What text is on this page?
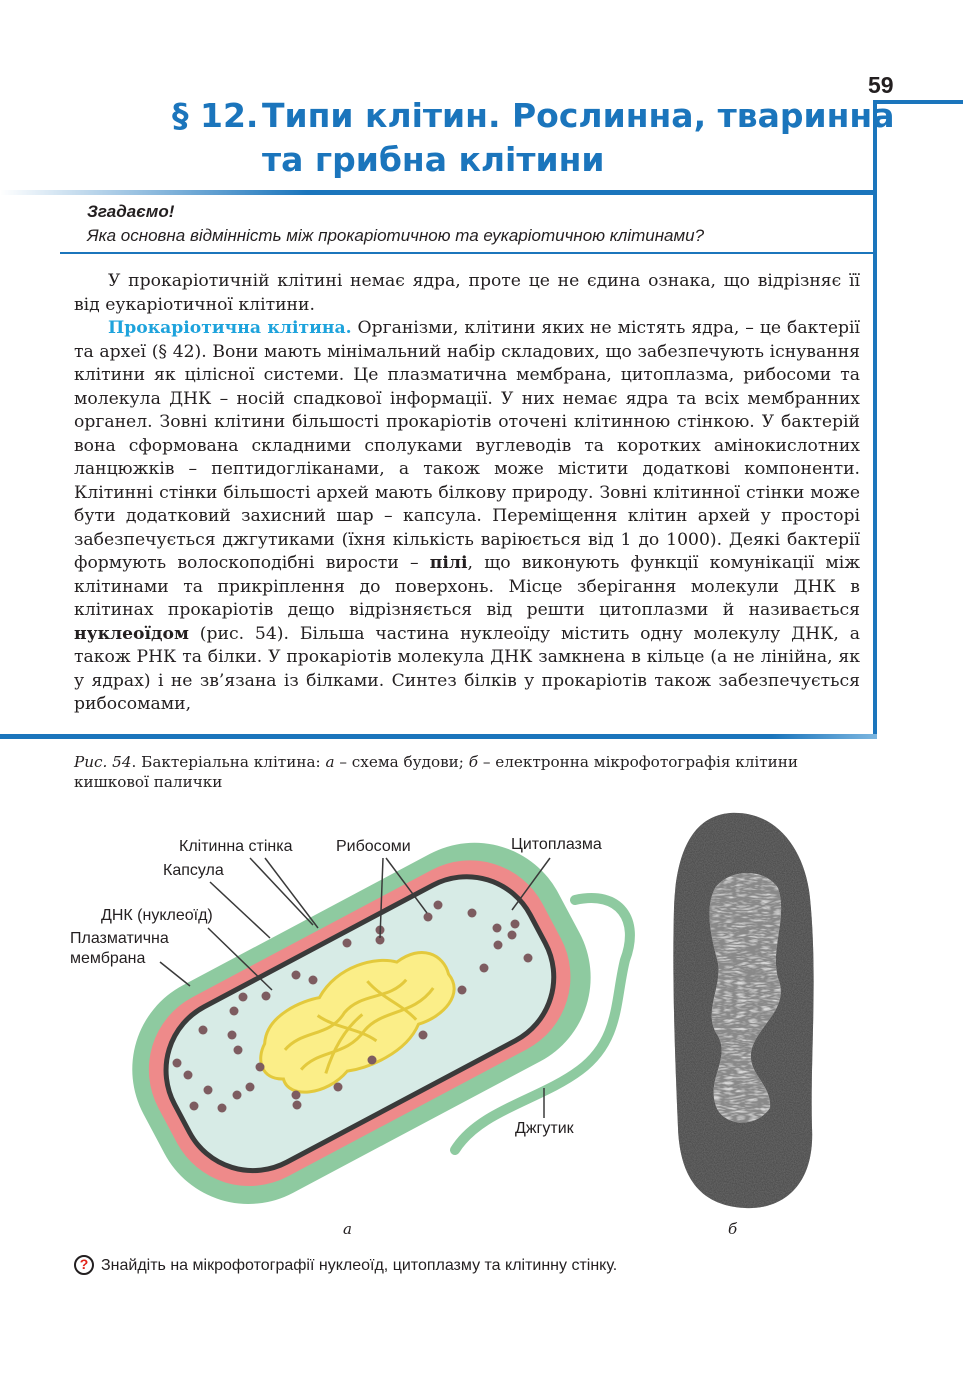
59
§ 12. Типи клітин. Рослинна, тваринна
та грибна клітини
Згадаємо!
Яка основна відмінність між прокаріотичною та еукаріотичною клітинами?

У прокаріотичній клітині немає ядра, проте це не єдина ознака, що відрізняє її від еукаріотичної клітини.

Прокаріотична клітина. Організми, клітини яких не містять ядра, – це бактерії та археї (§ 42). Вони мають мінімальний набір складових, що забезпечують існування клітини як цілісної системи. Це плазматична мембрана, цитоплазма, рибосоми та молекула ДНК – носій спадкової інформації. У них немає ядра та всіх мембранних органел. Зовні клітини більшості прокаріотів оточені клітинною стінкою. У бактерій вона сформована складними сполуками вуглеводів та коротких амінокислотних ланцюжків – пептидоглiканами, а також може містити додаткові компоненти. Клітинні стінки більшості архей мають білкову природу. Зовні клітинної стінки може бути додатковий захисний шар – капсула. Переміщення клітин архей у просторі забезпечується джгутиками (їхня кількість варіюється від 1 до 1000). Деякі бактерії формують волоскоподібні вирости – пілі, що виконують функції комунікації між клітинами та прикріплення до поверхонь. Місце зберігання молекули ДНК в клітинах прокаріотів дещо відрізняється від решти цитоплазми й називається нуклеоїдом (рис. 54). Більша частина нуклеоїду містить одну молекулу ДНК, а також РНК та білки. У прокаріотів молекула ДНК замкнена в кільце (а не лінійна, як у ядрах) і не зв’язана із білками. Синтез білків у прокаріотів також забезпечується рибосомами,

Рис. 54. Бактеріальна клітина: а – схема будови; б – електронна мікрофотографія клітини кишкової палички
Клітинна стінка	Рибосоми	Цитоплазма
Капсула
ДНК (нуклеоїд)
Плазматична
мембрана
Джгутик
а	б
? Знайдіть на мікрофотографії нуклеоїд, цитоплазму та клітинну стінку.
